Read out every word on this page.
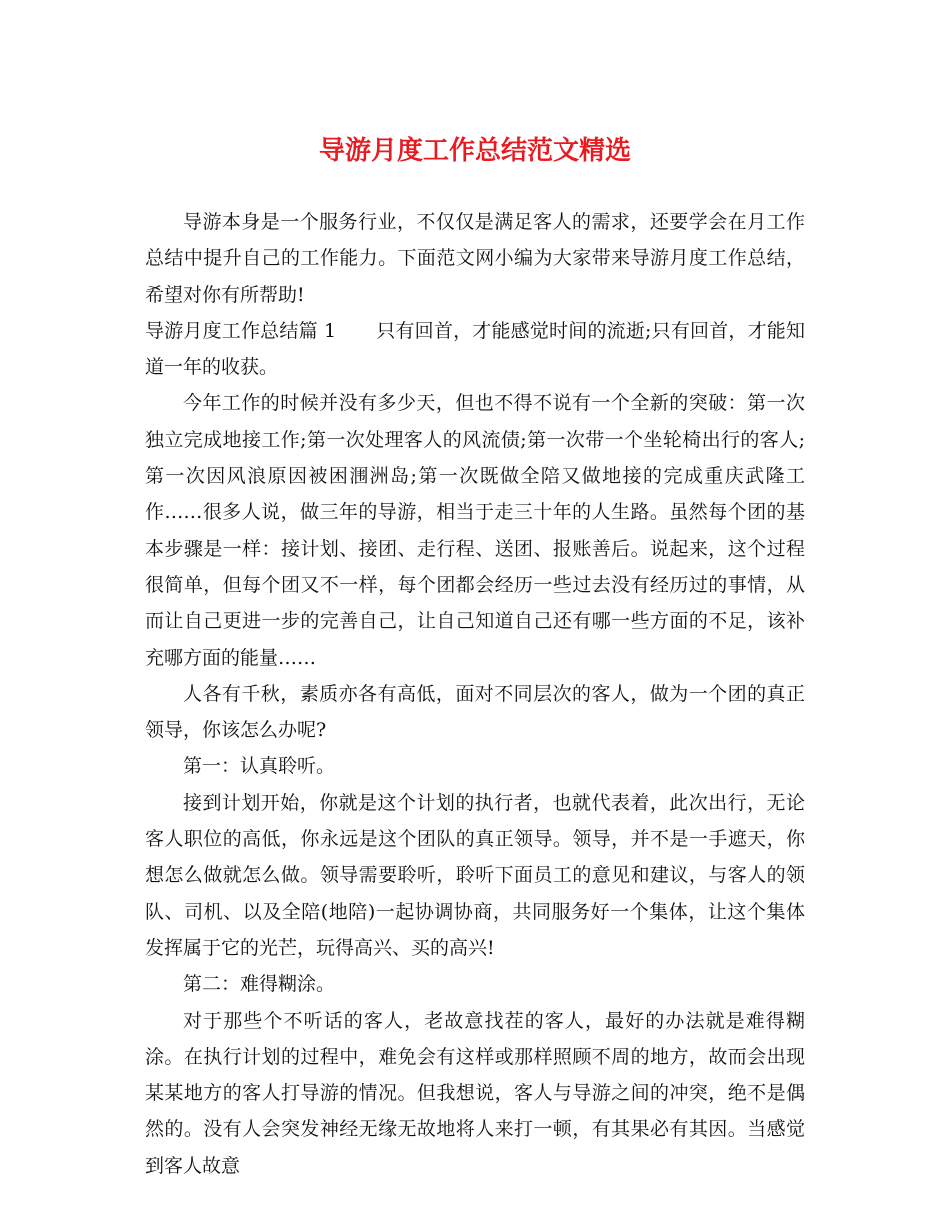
导游月度工作总结范文精选

导游本身是一个服务行业，不仅仅是满足客人的需求，还要学会在月工作总结中提升自己的工作能力。下面范文网小编为大家带来导游月度工作总结，希望对你有所帮助!

导游月度工作总结篇 1 只有回首，才能感觉时间的流逝;只有回首，才能知道一年的收获。

今年工作的时候并没有多少天，但也不得不说有一个全新的突破：第一次独立完成地接工作;第一次处理客人的风流债;第一次带一个坐轮椅出行的客人;第一次因风浪原因被困涠洲岛;第一次既做全陪又做地接的完成重庆武隆工作……很多人说，做三年的导游，相当于走三十年的人生路。虽然每个团的基本步骤是一样：接计划、接团、走行程、送团、报账善后。说起来，这个过程很简单，但每个团又不一样，每个团都会经历一些过去没有经历过的事情，从而让自己更进一步的完善自己，让自己知道自己还有哪一些方面的不足，该补充哪方面的能量……

人各有千秋，素质亦各有高低，面对不同层次的客人，做为一个团的真正领导，你该怎么办呢?

第一：认真聆听。

接到计划开始，你就是这个计划的执行者，也就代表着，此次出行，无论客人职位的高低，你永远是这个团队的真正领导。领导，并不是一手遮天，你想怎么做就怎么做。领导需要聆听，聆听下面员工的意见和建议，与客人的领队、司机、以及全陪(地陪)一起协调协商，共同服务好一个集体，让这个集体发挥属于它的光芒，玩得高兴、买的高兴!

第二：难得糊涂。

对于那些个不听话的客人，老故意找茬的客人，最好的办法就是难得糊涂。在执行计划的过程中，难免会有这样或那样照顾不周的地方，故而会出现某某地方的客人打导游的情况。但我想说，客人与导游之间的冲突，绝不是偶然的。没有人会突发神经无缘无故地将人来打一顿，有其果必有其因。当感觉到客人故意
